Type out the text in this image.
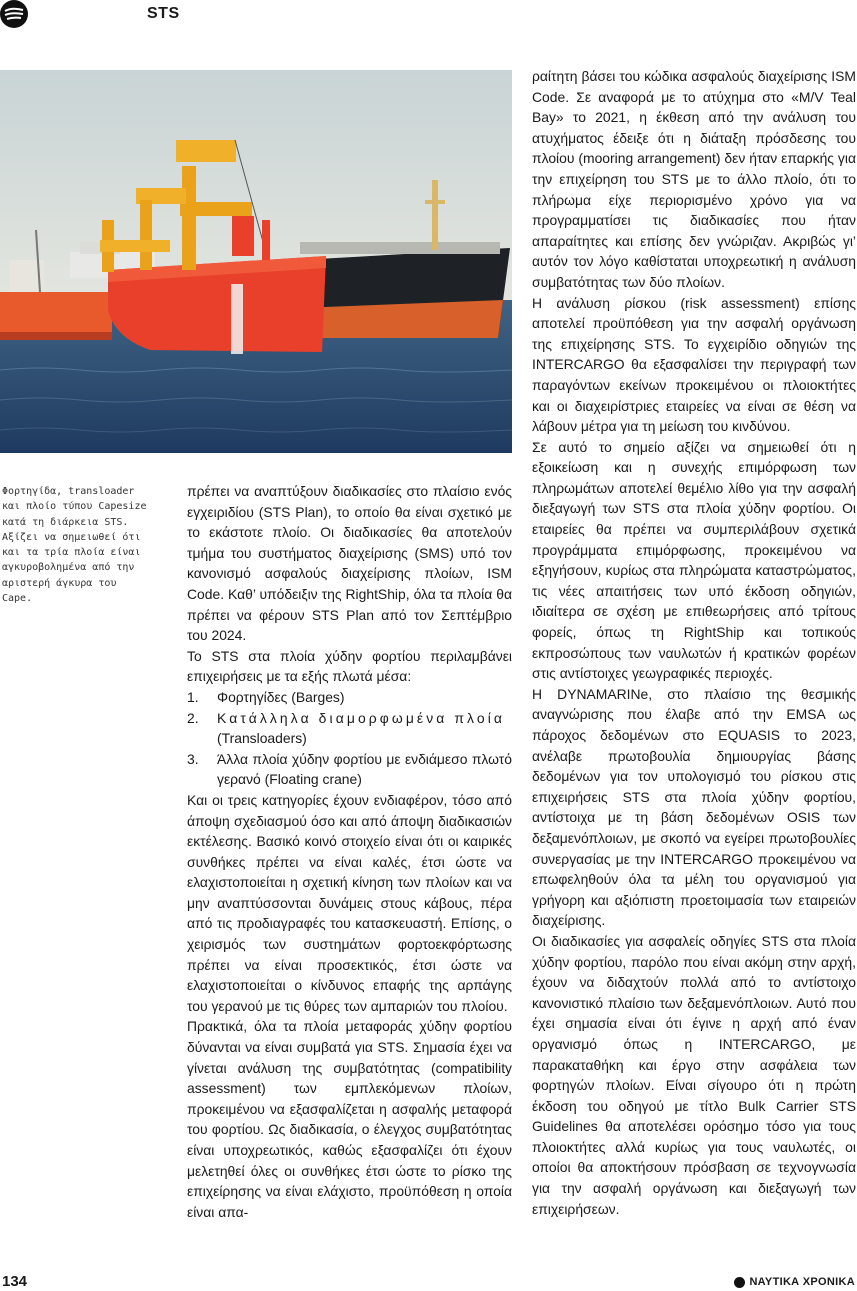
STS
Φορτηγίδα, transloader και πλοίο τύπου Capesize κατά τη διάρκεια STS. Αξίζει να σημειωθεί ότι και τα τρία πλοία είναι αγκυροβολημένα από την αριστερή άγκυρα του Cape.

πρέπει να αναπτύξουν διαδικασίες στο πλαίσιο ενός εγχειριδίου (STS Plan), το οποίο θα είναι σχετικό με το εκάστοτε πλοίο. Οι διαδικασίες θα αποτελούν τμήμα του συστήματος διαχείρισης (SMS) υπό τον κανονισμό ασφαλούς διαχείρισης πλοίων, ISM Code. Καθ’ υπόδειξιν της RightShip, όλα τα πλοία θα πρέπει να φέρουν STS Plan από τον Σεπτέμβριο του 2024.

Το STS στα πλοία χύδην φορτίου περιλαμβάνει επιχειρήσεις με τα εξής πλωτά μέσα:

1. Φορτηγίδες (Barges)
2. Κατάλληλα διαμορφωμένα πλοία
(Transloaders)
3. Άλλα πλοία χύδην φορτίου με ενδιάμεσο πλωτό γερανό (Floating crane)

Και οι τρεις κατηγορίες έχουν ενδιαφέρον, τόσο από άποψη σχεδιασμού όσο και από άποψη διαδικασιών εκτέλεσης. Βασικό κοινό στοιχείο είναι ότι οι καιρικές συνθήκες πρέπει να είναι καλές, έτσι ώστε να ελαχιστοποιείται η σχετική κίνηση των πλοίων και να μην αναπτύσσονται δυνάμεις στους κάβους, πέρα από τις προδιαγραφές του κατασκευαστή. Επίσης, ο χειρισμός των συστημάτων φορτοεκφόρτωσης πρέπει να είναι προσεκτικός, έτσι ώστε να ελαχιστοποιείται ο κίνδυνος επαφής της αρπάγης του γερανού με τις θύρες των αμπαριών του πλοίου.

Πρακτικά, όλα τα πλοία μεταφοράς χύδην φορτίου δύνανται να είναι συμβατά για STS. Σημασία έχει να γίνεται ανάλυση της συμβατότητας (compatibility assessment) των εμπλεκόμενων πλοίων, προκειμένου να εξασφαλίζεται η ασφαλής μεταφορά του φορτίου. Ως διαδικασία, ο έλεγχος συμβατότητας είναι υποχρεωτικός, καθώς εξασφαλίζει ότι έχουν μελετηθεί όλες οι συνθήκες έτσι ώστε το ρίσκο της επιχείρησης να είναι ελάχιστο, προϋπόθεση η οποία είναι απα-

ραίτητη βάσει του κώδικα ασφαλούς διαχείρισης ISM Code. Σε αναφορά με το ατύχημα στο «M/V Teal Bay» το 2021, η έκθεση από την ανάλυση του ατυχήματος έδειξε ότι η διάταξη πρόσδεσης του πλοίου (mooring arrangement) δεν ήταν επαρκής για την επιχείρηση του STS με το άλλο πλοίο, ότι το πλήρωμα είχε περιορισμένο χρόνο για να προγραμματίσει τις διαδικασίες που ήταν απαραίτητες και επίσης δεν γνώριζαν. Ακριβώς γι’ αυτόν τον λόγο καθίσταται υποχρεωτική η ανάλυση συμβατότητας των δύο πλοίων.

Η ανάλυση ρίσκου (risk assessment) επίσης αποτελεί προϋπόθεση για την ασφαλή οργάνωση της επιχείρησης STS. Το εγχειρίδιο οδηγιών της INTERCARGO θα εξασφαλίσει την περιγραφή των παραγόντων εκείνων προκειμένου οι πλοιοκτήτες και οι διαχειρίστριες εταιρείες να είναι σε θέση να λάβουν μέτρα για τη μείωση του κινδύνου.

Σε αυτό το σημείο αξίζει να σημειωθεί ότι η εξοικείωση και η συνεχής επιμόρφωση των πληρωμάτων αποτελεί θεμέλιο λίθο για την ασφαλή διεξαγωγή των STS στα πλοία χύδην φορτίου. Οι εταιρείες θα πρέπει να συμπεριλάβουν σχετικά προγράμματα επιμόρφωσης, προκειμένου να εξηγήσουν, κυρίως στα πληρώματα καταστρώματος, τις νέες απαιτήσεις των υπό έκδοση οδηγιών, ιδιαίτερα σε σχέση με επιθεωρήσεις από τρίτους φορείς, όπως τη RightShip και τοπικούς εκπροσώπους των ναυλωτών ή κρατικών φορέων στις αντίστοιχες γεωγραφικές περιοχές.

Η DYNAMARINe, στο πλαίσιο της θεσμικής αναγνώρισης που έλαβε από την EMSA ως πάροχος δεδομένων στο EQUASIS το 2023, ανέλαβε πρωτοβουλία δημιουργίας βάσης δεδομένων για τον υπολογισμό του ρίσκου στις επιχειρήσεις STS στα πλοία χύδην φορτίου, αντίστοιχα με τη βάση δεδομένων OSIS των δεξαμενόπλοιων, με σκοπό να εγείρει πρωτοβουλίες συνεργασίας με την INTERCARGO προκειμένου να επωφεληθούν όλα τα μέλη του οργανισμού για γρήγορη και αξιόπιστη προετοιμασία των εταιρειών διαχείρισης.

Οι διαδικασίες για ασφαλείς οδηγίες STS στα πλοία χύδην φορτίου, παρόλο που είναι ακόμη στην αρχή, έχουν να διδαχτούν πολλά από το αντίστοιχο κανονιστικό πλαίσιο των δεξαμενόπλοιων. Αυτό που έχει σημασία είναι ότι έγινε η αρχή από έναν οργανισμό όπως η INTERCARGO, με παρακαταθήκη και έργο στην ασφάλεια των φορτηγών πλοίων. Είναι σίγουρο ότι η πρώτη έκδοση του οδηγού με τίτλο Bulk Carrier STS Guidelines θα αποτελέσει ορόσημο τόσο για τους πλοιοκτήτες αλλά κυρίως για τους ναυλωτές, οι οποίοι θα αποκτήσουν πρόσβαση σε τεχνογνωσία για την ασφαλή οργάνωση και διεξαγωγή των επιχειρήσεων.

134	ΝΑΥΤΙΚΑ ΧΡΟΝΙΚΑ
